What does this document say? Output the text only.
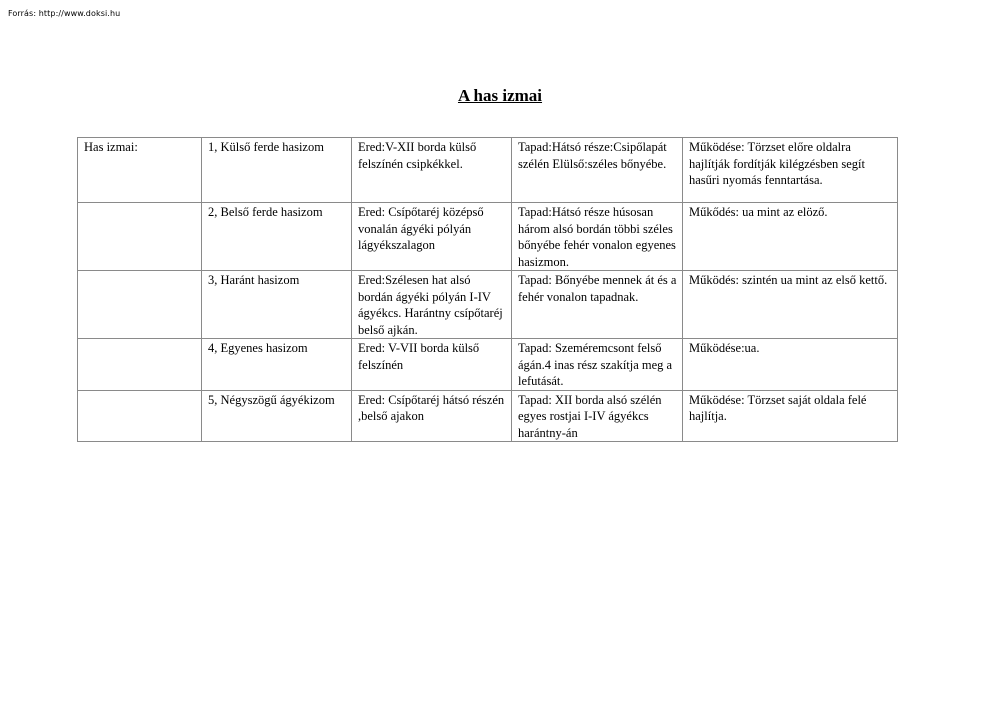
Forrás: http://www.doksi.hu
A has izmai
Has izmai:	1, Külső ferde hasizom	Ered:V-XII borda külső felszínén csipkékkel.	Tapad:Hátsó része:Csipőlapát szélén Elülső:széles bőnyébe.	Működése: Törzset előre oldalra hajlítják fordítják kilégzésben segít hasűri nyomás fenntartása.
	2, Belső ferde hasizom	Ered: Csípőtaréj középső vonalán ágyéki pólyán lágyékszalagon	Tapad:Hátsó része húsosan három alsó bordán többi széles bőnyébe fehér vonalon egyenes hasizmon.	Műkődés: ua mint az elöző.
	3, Haránt hasizom	Ered:Szélesen hat alsó bordán ágyéki pólyán I-IV ágyékcs. Harántny csípőtaréj belső ajkán.	Tapad: Bőnyébe mennek át és a fehér vonalon tapadnak.	Működés: szintén ua mint az első kettő.
	4, Egyenes hasizom	Ered: V-VII borda külső felszínén	Tapad: Szeméremcsont felső ágán.4 inas rész szakítja meg a lefutását.	Működése:ua.
	5, Négyszögű ágyékizom	Ered: Csípőtaréj hátsó részén ,belső ajakon	Tapad: XII borda alsó szélén egyes rostjai I-IV ágyékcs harántny-án	Működése: Törzset saját oldala felé hajlítja.
